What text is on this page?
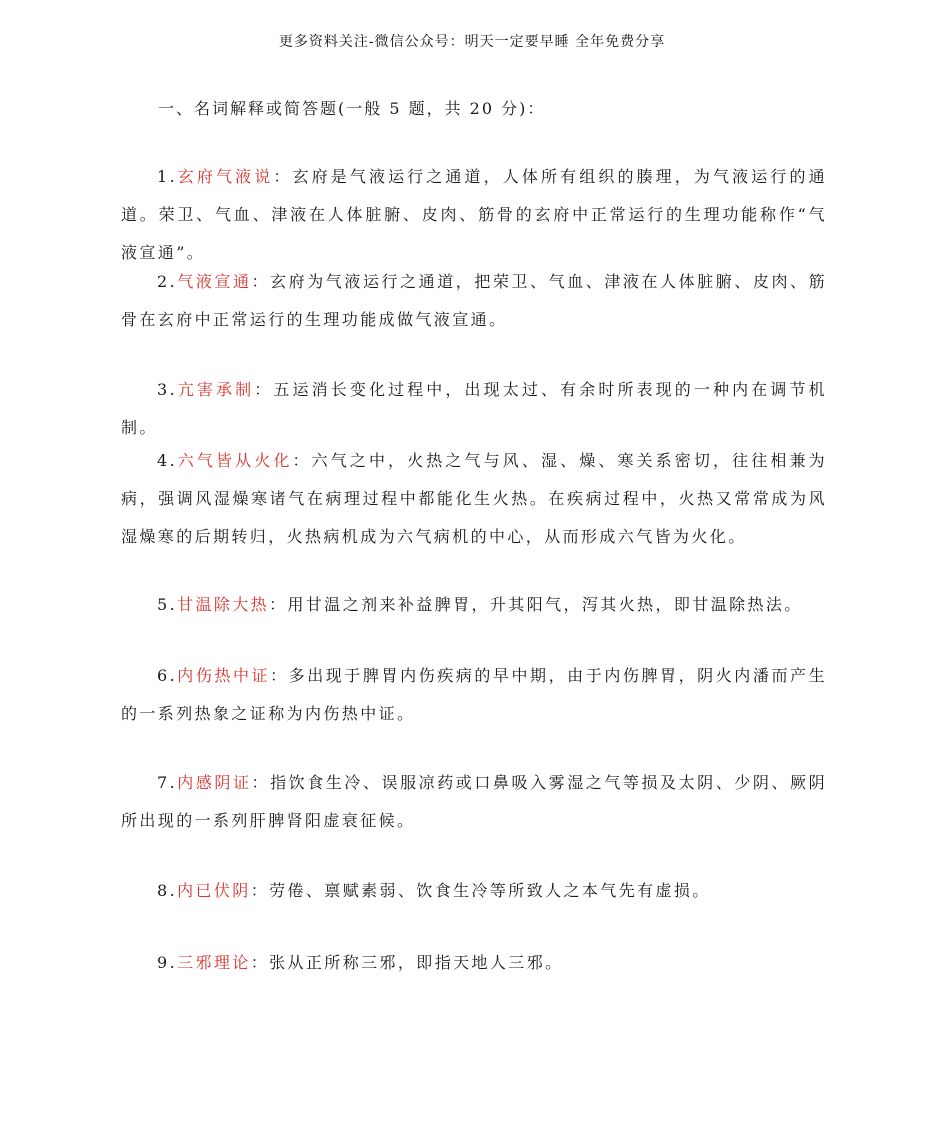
更多资料关注-微信公众号：明天一定要早睡 全年免费分享
一、名词解释或简答题(一般 5 题，共 20 分)：
1.玄府气液说：玄府是气液运行之通道，人体所有组织的腠理，为气液运行的通道。荣卫、气血、津液在人体脏腑、皮肉、筋骨的玄府中正常运行的生理功能称作“气液宣通”。
2.气液宣通：玄府为气液运行之通道，把荣卫、气血、津液在人体脏腑、皮肉、筋骨在玄府中正常运行的生理功能成做气液宣通。
3.亢害承制：五运消长变化过程中，出现太过、有余时所表现的一种内在调节机制。
4.六气皆从火化：六气之中，火热之气与风、湿、燥、寒关系密切，往往相兼为病，强调风湿燥寒诸气在病理过程中都能化生火热。在疾病过程中，火热又常常成为风湿燥寒的后期转归，火热病机成为六气病机的中心，从而形成六气皆为火化。
5.甘温除大热：用甘温之剂来补益脾胃，升其阳气，泻其火热，即甘温除热法。
6.内伤热中证：多出现于脾胃内伤疾病的早中期，由于内伤脾胃，阴火内潘而产生的一系列热象之证称为内伤热中证。
7.内感阴证：指饮食生冷、误服凉药或口鼻吸入雾湿之气等损及太阴、少阴、厥阴所出现的一系列肝脾肾阳虚衰征候。
8.内已伏阴：劳倦、禀赋素弱、饮食生冷等所致人之本气先有虚损。
9.三邪理论：张从正所称三邪，即指天地人三邪。
